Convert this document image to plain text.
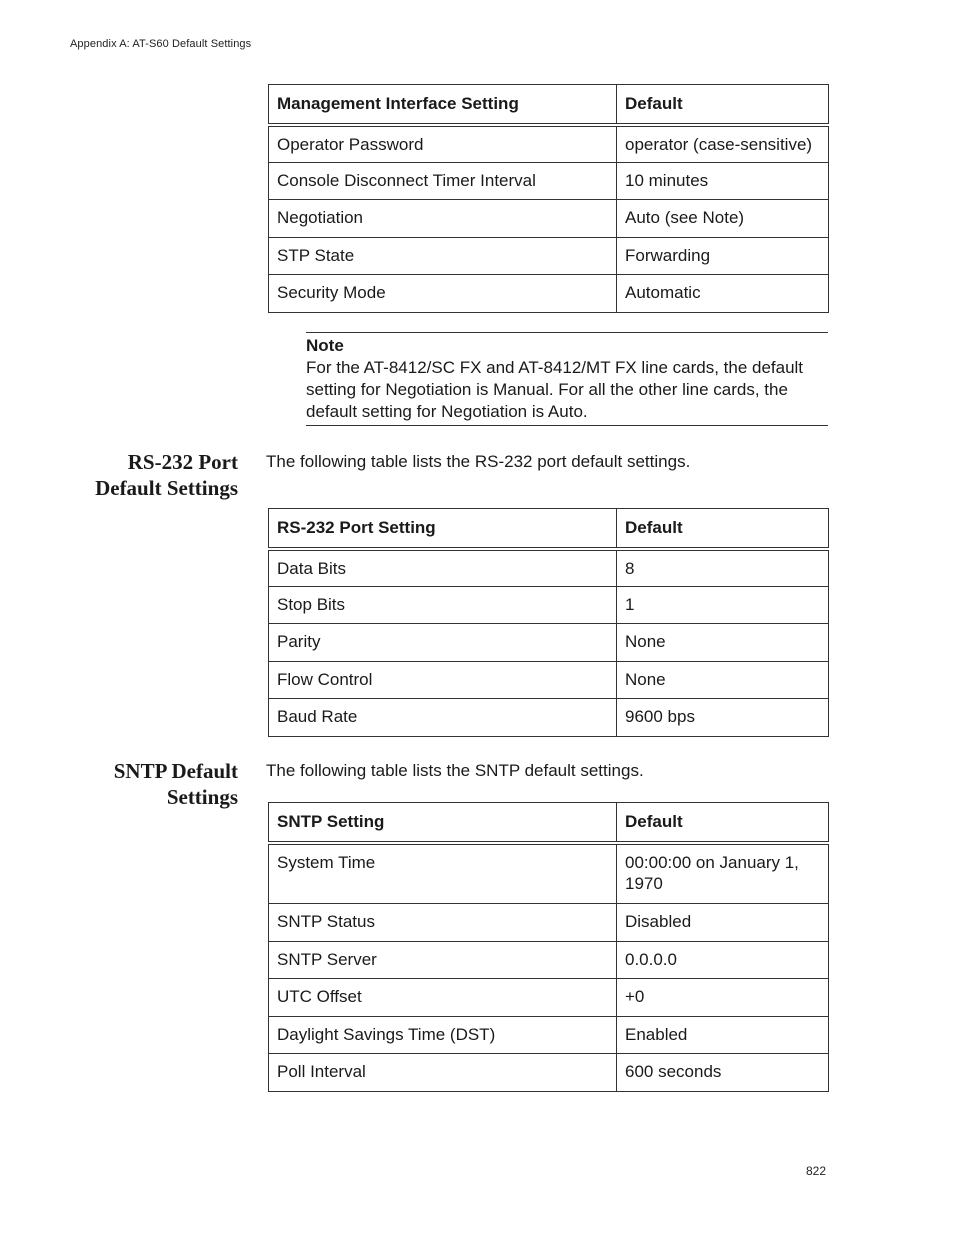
Appendix A: AT-S60 Default Settings
Management Interface Setting	Default
Operator Password	operator (case-sensitive)
Console Disconnect Timer Interval	10 minutes
Negotiation	Auto (see Note)
STP State	Forwarding
Security Mode	Automatic
Note
For the AT-8412/SC FX and AT-8412/MT FX line cards, the default setting for Negotiation is Manual. For all the other line cards, the default setting for Negotiation is Auto.
RS-232 Port
Default Settings
The following table lists the RS-232 port default settings.
RS-232 Port Setting	Default
Data Bits	8
Stop Bits	1
Parity	None
Flow Control	None
Baud Rate	9600 bps
SNTP Default
Settings
The following table lists the SNTP default settings.
SNTP Setting	Default
System Time	00:00:00 on January 1, 1970
SNTP Status	Disabled
SNTP Server	0.0.0.0
UTC Offset	+0
Daylight Savings Time (DST)	Enabled
Poll Interval	600 seconds
822
